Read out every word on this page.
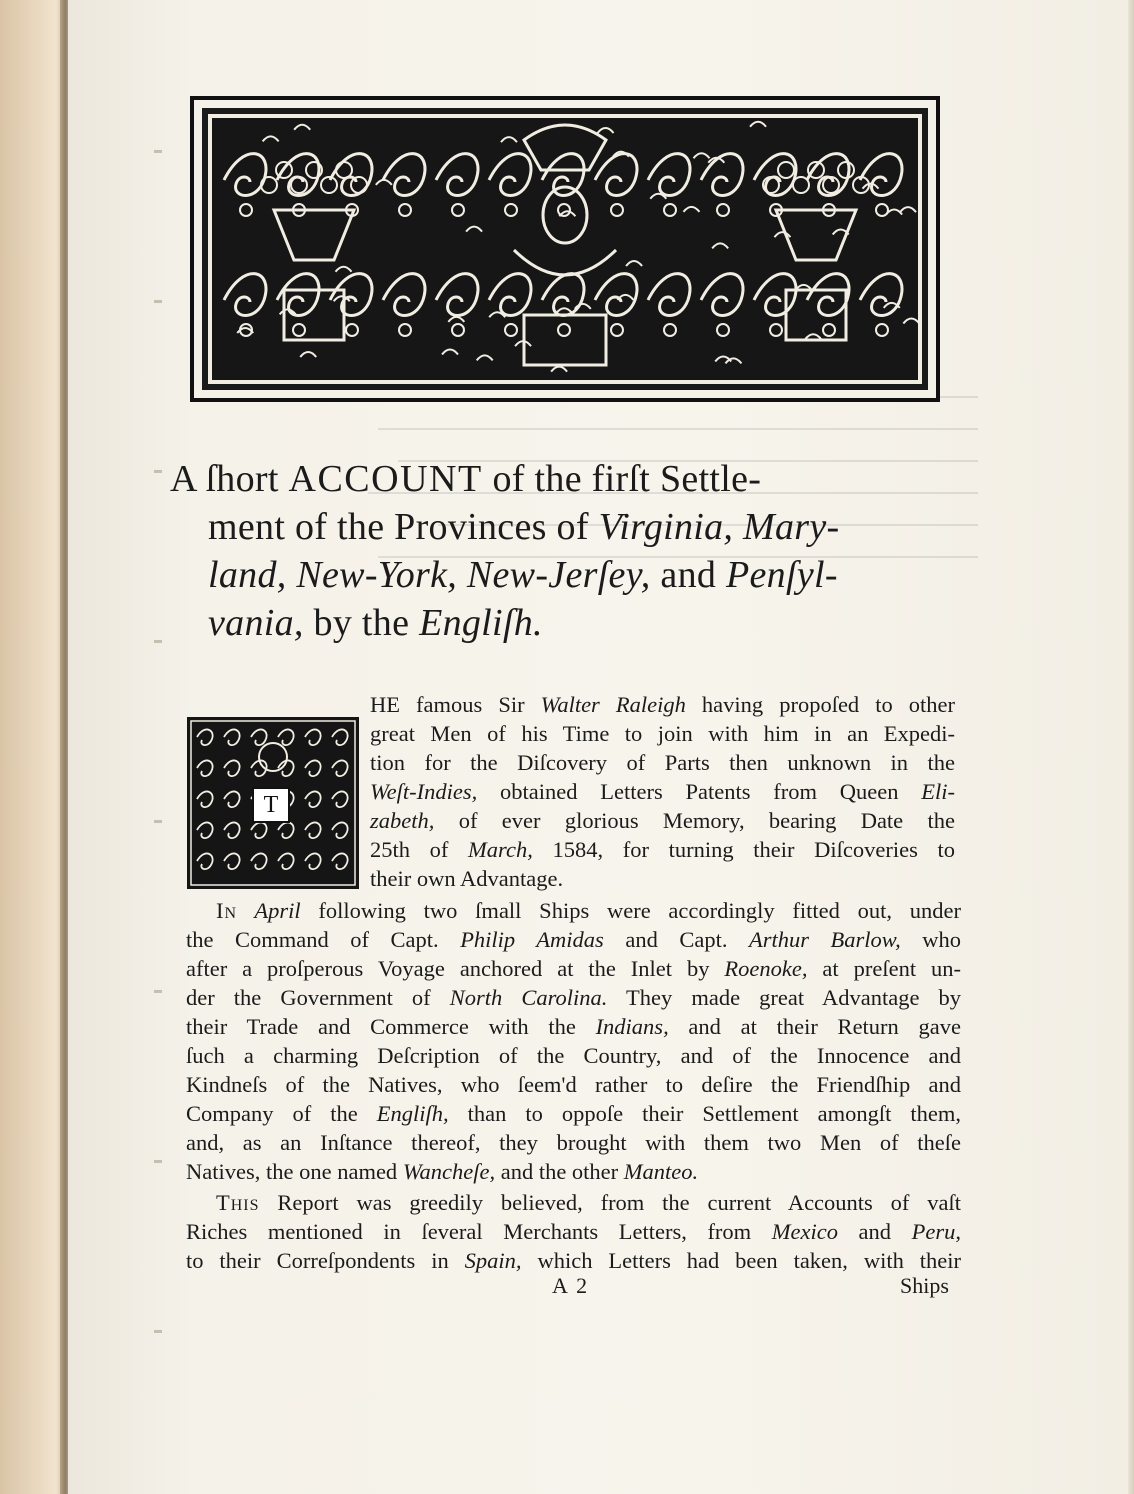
A ſhort ACCOUNT of the firſt Settle-
ment of the Provinces of Virginia, Mary-
land, New-York, New-Jerſey, and Penſyl-
vania, by the Engliſh.
T
HE famous Sir Walter Raleigh having propoſed to other
great Men of his Time to join with him in an Expedi-
tion for the Diſcovery of Parts then unknown in the
Weſt-Indies, obtained Letters Patents from Queen Eli-
zabeth, of ever glorious Memory, bearing Date the
25th of March, 1584, for turning their Diſcoveries to
their own Advantage.
In April following two ſmall Ships were accordingly fitted out, under
the Command of Capt. Philip Amidas and Capt. Arthur Barlow, who
after a proſperous Voyage anchored at the Inlet by Roenoke, at preſent un-
der the Government of North Carolina. They made great Advantage by
their Trade and Commerce with the Indians, and at their Return gave
ſuch a charming Deſcription of the Country, and of the Innocence and
Kindneſs of the Natives, who ſeem'd rather to deſire the Friendſhip and
Company of the Engliſh, than to oppoſe their Settlement amongſt them,
and, as an Inſtance thereof, they brought with them two Men of theſe
Natives, the one named Wancheſe, and the other Manteo.
This Report was greedily believed, from the current Accounts of vaſt
Riches mentioned in ſeveral Merchants Letters, from Mexico and Peru,
to their Correſpondents in Spain, which Letters had been taken, with their
A 2	Ships
